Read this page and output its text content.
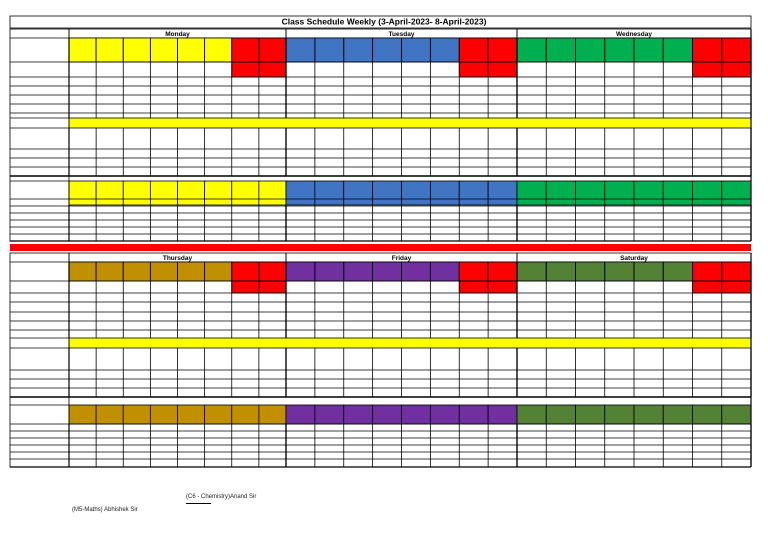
Class Schedule Weekly (3-April-2023- 8-April-2023)
Monday	Tuesday	Wednesday
Thursday	Friday	Saturday
(C6 - Chemistry)Anand Sir
(M5-Maths) Abhishek Sir
